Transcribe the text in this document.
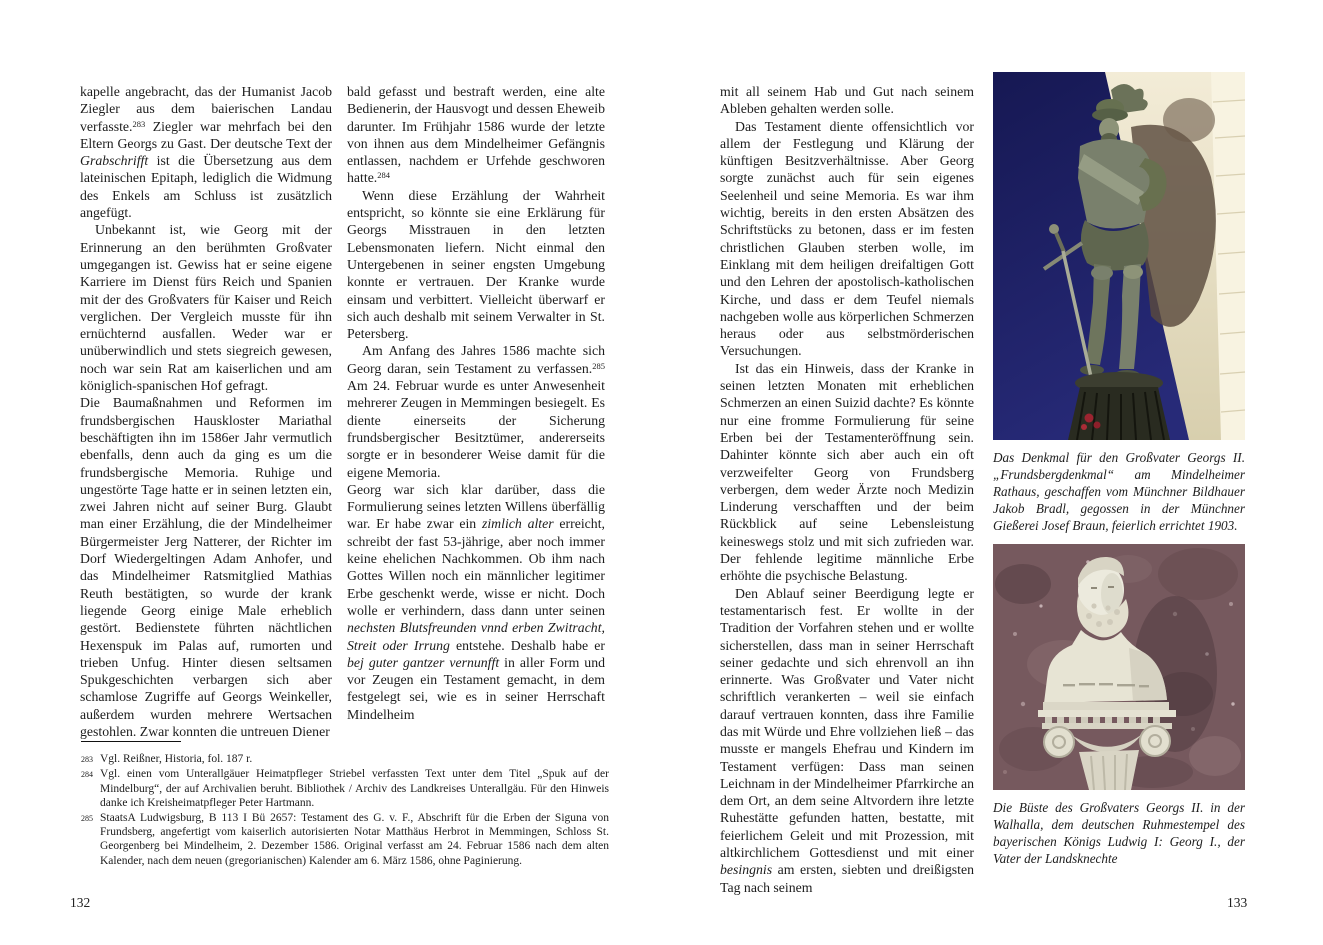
kapelle angebracht, das der Humanist Jacob Ziegler aus dem baierischen Landau verfasste.$^{283}$ Ziegler war mehrfach bei den Eltern Georgs zu Gast. Der deutsche Text der Grabschrifft ist die Übersetzung aus dem lateinischen Epitaph, lediglich die Widmung des Enkels am Schluss ist zusätzlich angefügt.

Unbekannt ist, wie Georg mit der Erinnerung an den berühmten Großvater umgegangen ist. Gewiss hat er seine eigene Karriere im Dienst fürs Reich und Spanien mit der des Großvaters für Kaiser und Reich verglichen. Der Vergleich musste für ihn ernüchternd ausfallen. Weder war er unüberwindlich und stets siegreich gewesen, noch war sein Rat am kaiserlichen und am königlich-spanischen Hof gefragt.

Die Baumaßnahmen und Reformen im frundsbergischen Hauskloster Mariathal beschäftigten ihn im 1586er Jahr vermutlich ebenfalls, denn auch da ging es um die frundsbergische Memoria. Ruhige und ungestörte Tage hatte er in seinen letzten ein, zwei Jahren nicht auf seiner Burg. Glaubt man einer Erzählung, die der Mindelheimer Bürgermeister Jerg Natterer, der Richter im Dorf Wiedergeltingen Adam Anhofer, und das Mindelheimer Ratsmitglied Mathias Reuth bestätigten, so wurde der krank liegende Georg einige Male erheblich gestört. Bedienstete führten nächtlichen Hexenspuk im Palas auf, rumorten und trieben Unfug. Hinter diesen seltsamen Spukgeschichten verbargen sich aber schamlose Zugriffe auf Georgs Weinkeller, außerdem wurden mehrere Wertsachen gestohlen. Zwar konnten die untreuen Diener

bald gefasst und bestraft werden, eine alte Bedienerin, der Hausvogt und dessen Eheweib darunter. Im Frühjahr 1586 wurde der letzte von ihnen aus dem Mindelheimer Gefängnis entlassen, nachdem er Urfehde geschworen hatte.$^{284}$

Wenn diese Erzählung der Wahrheit entspricht, so könnte sie eine Erklärung für Georgs Misstrauen in den letzten Lebensmonaten liefern. Nicht einmal den Untergebenen in seiner engsten Umgebung konnte er vertrauen. Der Kranke wurde einsam und verbittert. Vielleicht überwarf er sich auch deshalb mit seinem Verwalter in St. Petersberg.

Am Anfang des Jahres 1586 machte sich Georg daran, sein Testament zu verfassen.$^{285}$ Am 24. Februar wurde es unter Anwesenheit mehrerer Zeugen in Memmingen besiegelt. Es diente einerseits der Sicherung frundsbergischer Besitztümer, andererseits sorgte er in besonderer Weise damit für die eigene Memoria.

Georg war sich klar darüber, dass die Formulierung seines letzten Willens überfällig war. Er habe zwar ein zimlich alter erreicht, schreibt der fast 53-jährige, aber noch immer keine ehelichen Nachkommen. Ob ihm nach Gottes Willen noch ein männlicher legitimer Erbe geschenkt werde, wisse er nicht. Doch wolle er verhindern, dass dann unter seinen nechsten Blutsfreunden vnnd erben Zwitracht, Streit oder Irrung entstehe. Deshalb habe er bej guter gantzer vernunfft in aller Form und vor Zeugen ein Testament gemacht, in dem festgelegt sei, wie es in seiner Herrschaft Mindelheim

283 Vgl. Reißner, Historia, fol. 187 r.
284 Vgl. einen vom Unterallgäuer Heimatpfleger Striebel verfassten Text unter dem Titel „Spuk auf der Mindelburg“, der auf Archivalien beruht. Bibliothek / Archiv des Landkreises Unterallgäu. Für den Hinweis danke ich Kreisheimatpfleger Peter Hartmann.
285 StaatsA Ludwigsburg, B 113 I Bü 2657: Testament des G. v. F., Abschrift für die Erben der Siguna von Frundsberg, angefertigt vom kaiserlich autorisierten Notar Matthäus Herbrot in Memmingen, Schloss St. Georgenberg bei Mindelheim, 2. Dezember 1586. Original verfasst am 24. Februar 1586 nach dem alten Kalender, nach dem neuen (gregorianischen) Kalender am 6. März 1586, ohne Paginierung.
132

mit all seinem Hab und Gut nach seinem Ableben gehalten werden solle.

Das Testament diente offensichtlich vor allem der Festlegung und Klärung der künftigen Besitzverhältnisse. Aber Georg sorgte zunächst auch für sein eigenes Seelenheil und seine Memoria. Es war ihm wichtig, bereits in den ersten Absätzen des Schriftstücks zu betonen, dass er im festen christlichen Glauben sterben wolle, im Einklang mit dem heiligen dreifaltigen Gott und den Lehren der apostolisch-katholischen Kirche, und dass er dem Teufel niemals nachgeben wolle aus körperlichen Schmerzen heraus oder aus selbstmörderischen Versuchungen.

Ist das ein Hinweis, dass der Kranke in seinen letzten Monaten mit erheblichen Schmerzen an einen Suizid dachte? Es könnte nur eine fromme Formulierung für seine Erben bei der Testamenteröffnung sein. Dahinter könnte sich aber auch ein oft verzweifelter Georg von Frundsberg verbergen, dem weder Ärzte noch Medizin Linderung verschafften und der beim Rückblick auf seine Lebensleistung keineswegs stolz und mit sich zufrieden war. Der fehlende legitime männliche Erbe erhöhte die psychische Belastung.

Den Ablauf seiner Beerdigung legte er testamentarisch fest. Er wollte in der Tradition der Vorfahren stehen und er wollte sicherstellen, dass man in seiner Herrschaft seiner gedachte und sich ehrenvoll an ihn erinnerte. Was Großvater und Vater nicht schriftlich verankerten – weil sie einfach darauf vertrauen konnten, dass ihre Familie das mit Würde und Ehre vollziehen ließ – das musste er mangels Ehefrau und Kindern im Testament verfügen: Dass man seinen Leichnam in der Mindelheimer Pfarrkirche an dem Ort, an dem seine Altvordern ihre letzte Ruhestätte gefunden hatten, bestatte, mit feierlichem Geleit und mit Prozession, mit altkirchlichem Gottesdienst und mit einer besingnis am ersten, siebten und dreißigsten Tag nach seinem

Das Denkmal für den Großvater Georgs II. „Frundsbergdenkmal“ am Mindelheimer Rathaus, geschaffen vom Münchner Bildhauer Jakob Bradl, gegossen in der Münchner Gießerei Josef Braun, feierlich errichtet 1903.
Die Büste des Großvaters Georgs II. in der Walhalla, dem deutschen Ruhmestempel des bayerischen Königs Ludwig I: Georg I., der Vater der Landsknechte
133
